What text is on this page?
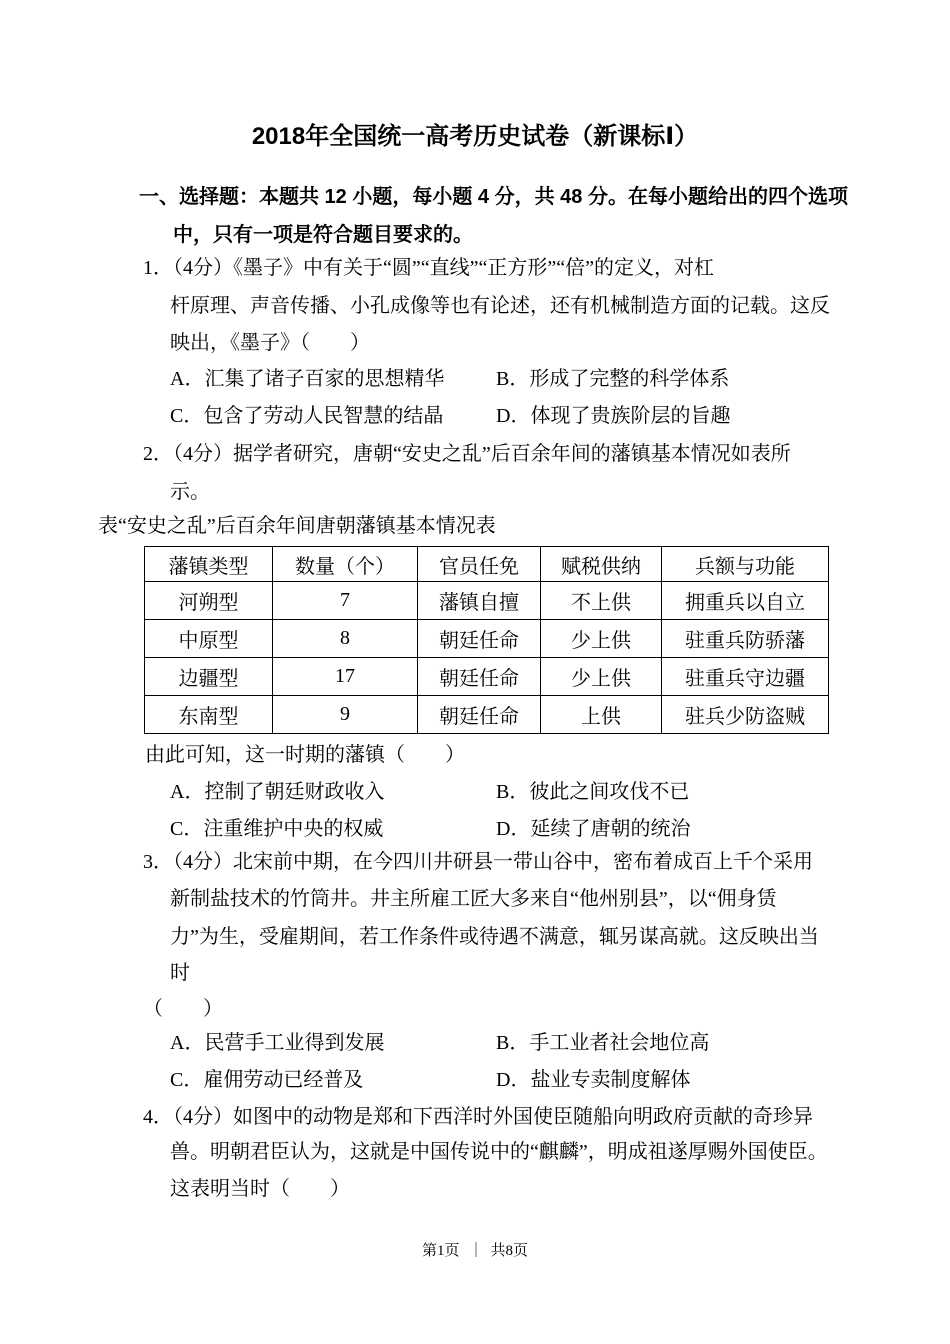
2018年全国统一高考历史试卷（新课标Ⅰ）
一、选择题：本题共 12 小题，每小题 4 分，共 48 分。在每小题给出的四个选项
中，只有一项是符合题目要求的。
1．（4分）《墨子》中有关于“圆”“直线”“正方形”“倍”的定义，对杠
杆原理、声音传播、小孔成像等也有论述，还有机械制造方面的记载。这反
映出，《墨子》（　　）
A．汇集了诸子百家的思想精华	B．形成了完整的科学体系
C．包含了劳动人民智慧的结晶	D．体现了贵族阶层的旨趣
2．（4分）据学者研究，唐朝“安史之乱”后百余年间的藩镇基本情况如表所
示。
表“安史之乱”后百余年间唐朝藩镇基本情况表
藩镇类型	数量（个）	官员任免	赋税供纳	兵额与功能
河朔型	7	藩镇自擅	不上供	拥重兵以自立
中原型	8	朝廷任命	少上供	驻重兵防骄藩
边疆型	17	朝廷任命	少上供	驻重兵守边疆
东南型	9	朝廷任命	上供	驻兵少防盗贼
由此可知，这一时期的藩镇（　　）
A．控制了朝廷财政收入	B．彼此之间攻伐不已
C．注重维护中央的权威	D．延续了唐朝的统治
3．（4分）北宋前中期，在今四川井研县一带山谷中，密布着成百上千个采用
新制盐技术的竹筒井。井主所雇工匠大多来自“他州别县”，以“佣身赁
力”为生，受雇期间，若工作条件或待遇不满意，辄另谋高就。这反映出当
时
（　　）
A．民营手工业得到发展	B．手工业者社会地位高
C．雇佣劳动已经普及	D．盐业专卖制度解体
4．（4分）如图中的动物是郑和下西洋时外国使臣随船向明政府贡献的奇珍异
兽。明朝君臣认为，这就是中国传说中的“麒麟”，明成祖遂厚赐外国使臣。
这表明当时（　　）
第1页 ｜ 共8页
